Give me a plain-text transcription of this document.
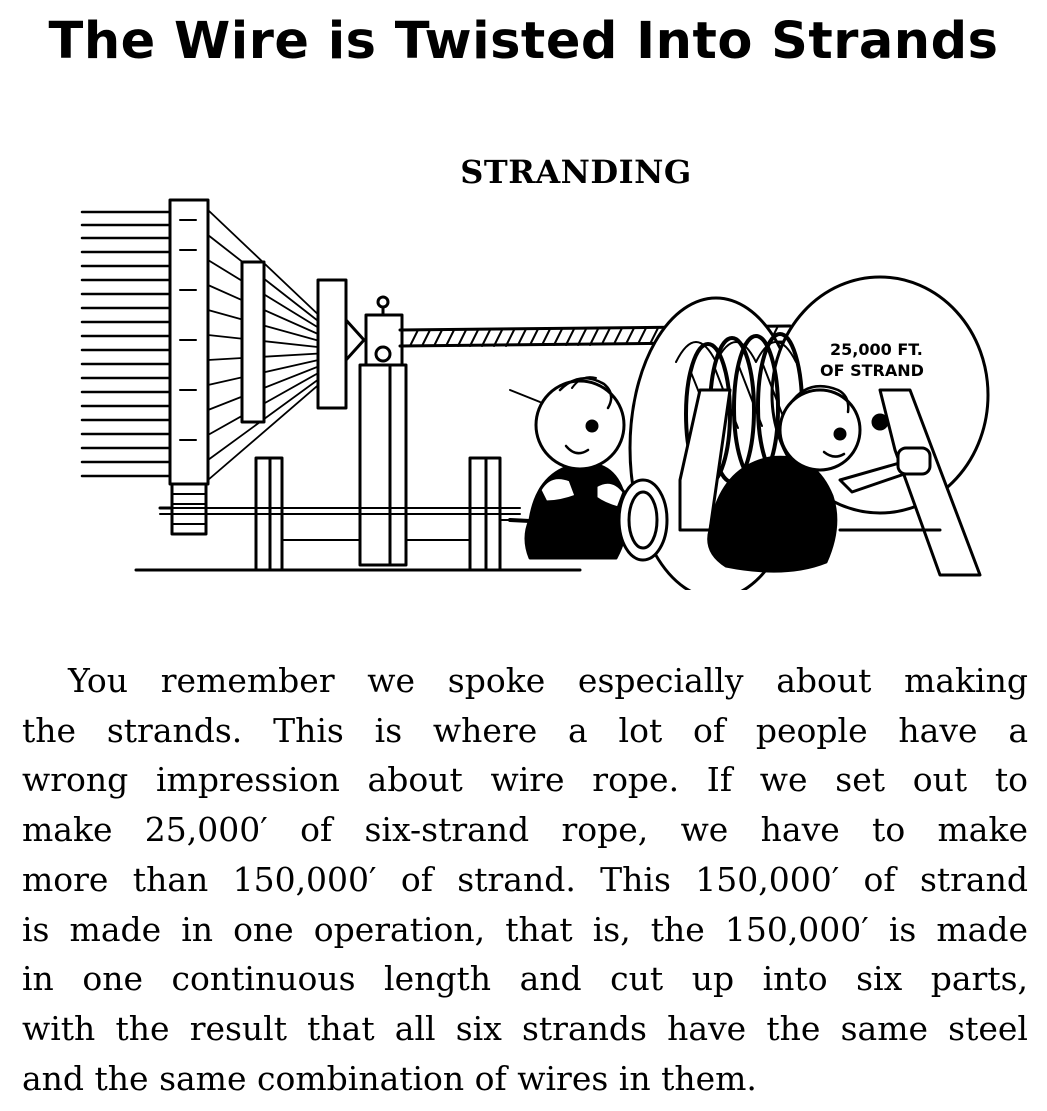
The Wire is Twisted Into Strands
STRANDING
25,000 FT.
OF STRAND

You remember we spoke especially about making
the strands. This is where a lot of people have a
wrong impression about wire rope. If we set out to
make 25,000′ of six-strand rope, we have to make
more than 150,000′ of strand. This 150,000′ of strand
is made in one operation, that is, the 150,000′ is made
in one continuous length and cut up into six parts,
with the result that all six strands have the same steel
and the same combination of wires in them.
